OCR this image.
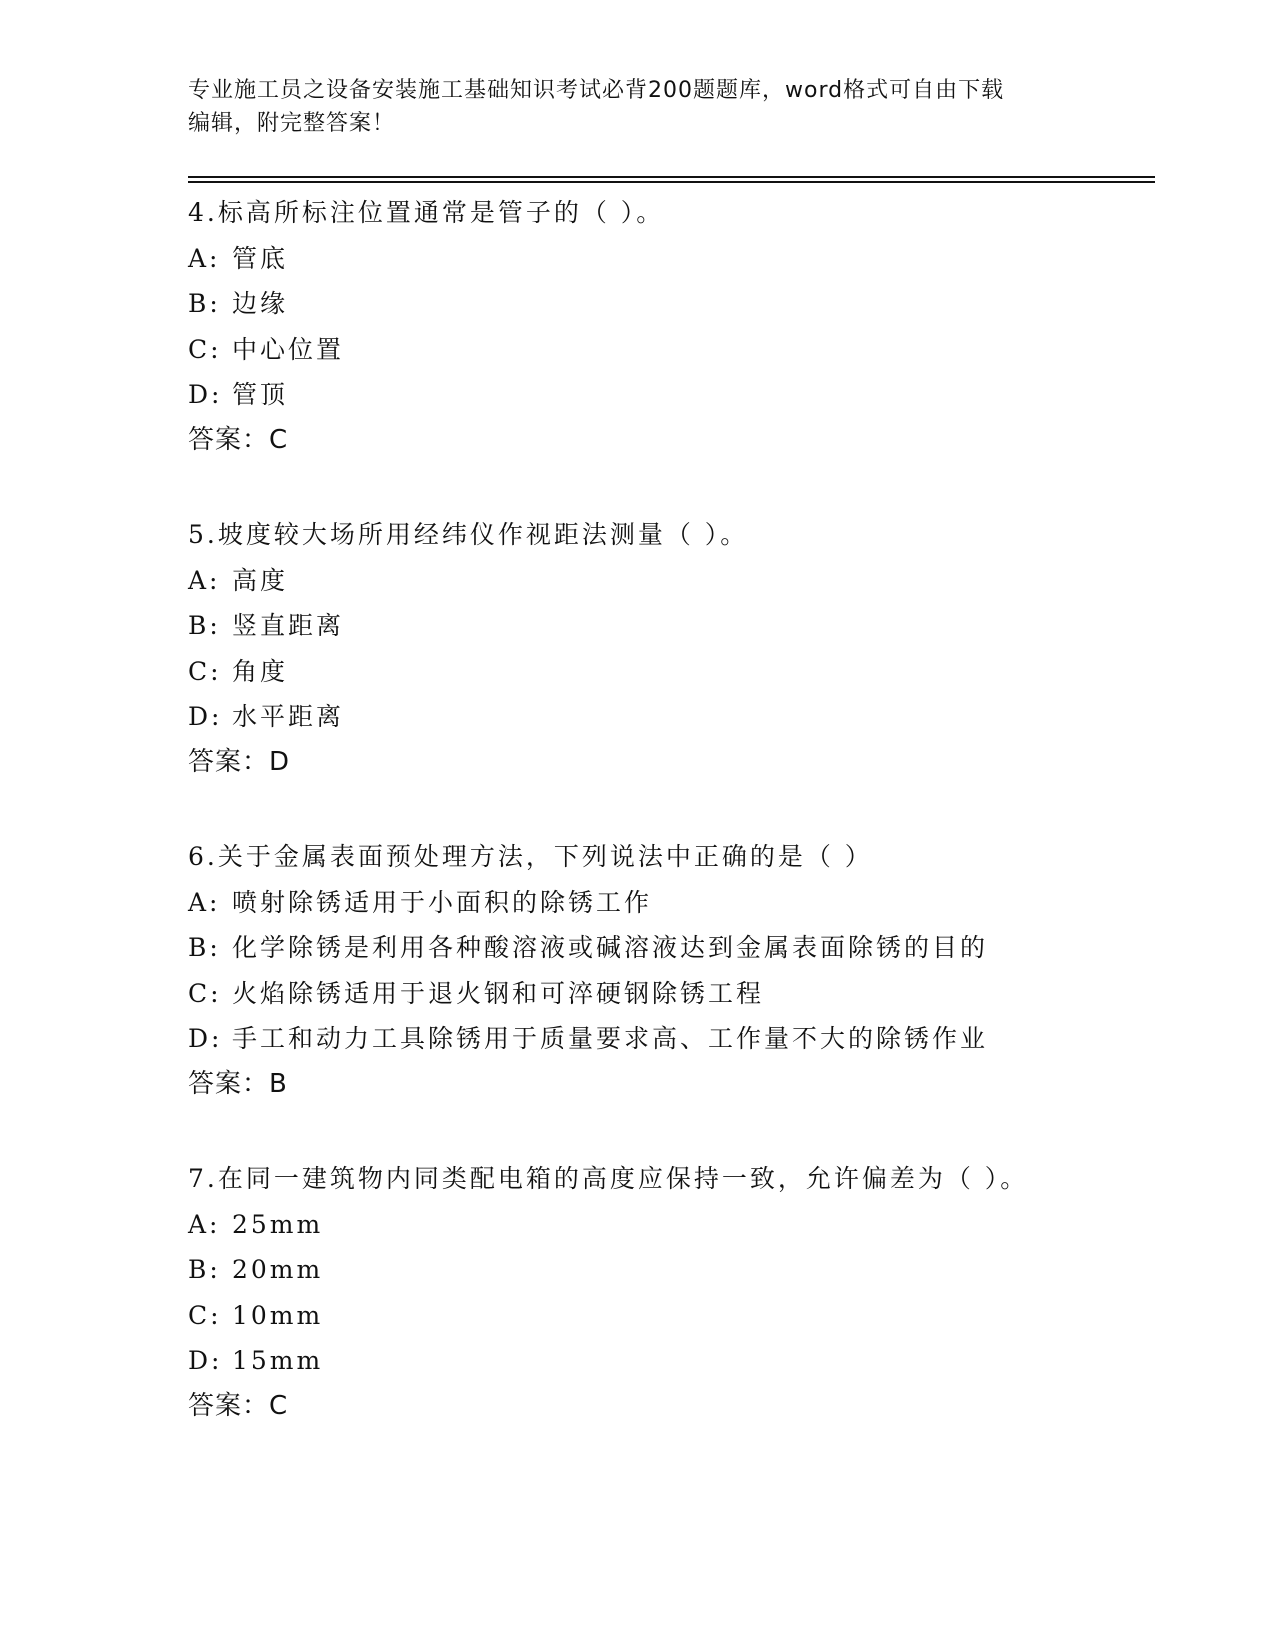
专业施工员之设备安装施工基础知识考试必背200题题库，word格式可自由下载
编辑，附完整答案！
4.标高所标注位置通常是管子的（ ）。
A: 管底
B: 边缘
C: 中心位置
D: 管顶
答案：C
5.坡度较大场所用经纬仪作视距法测量（ ）。
A: 高度
B: 竖直距离
C: 角度
D: 水平距离
答案：D
6.关于金属表面预处理方法，下列说法中正确的是（ ）
A: 喷射除锈适用于小面积的除锈工作
B: 化学除锈是利用各种酸溶液或碱溶液达到金属表面除锈的目的
C: 火焰除锈适用于退火钢和可淬硬钢除锈工程
D: 手工和动力工具除锈用于质量要求高、工作量不大的除锈作业
答案：B
7.在同一建筑物内同类配电箱的高度应保持一致，允许偏差为（ ）。
A: 25mm
B: 20mm
C: 10mm
D: 15mm
答案：C
